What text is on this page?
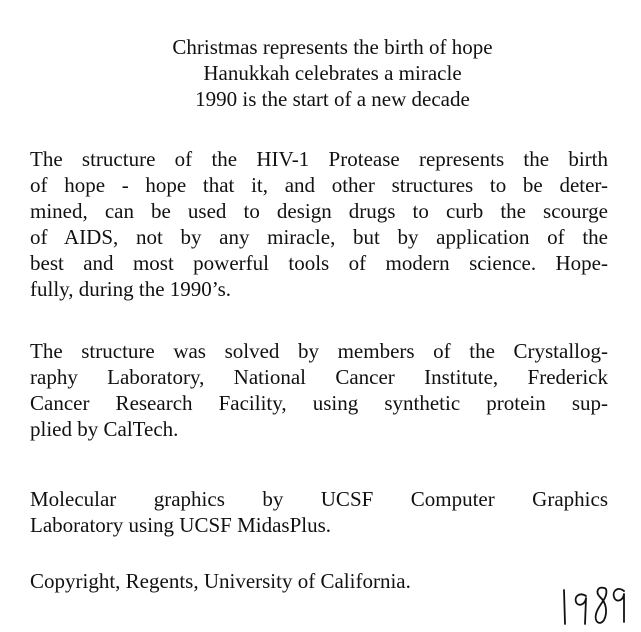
Christmas represents the birth of hope
Hanukkah celebrates a miracle
1990 is the start of a new decade
The structure of the HIV-1 Protease represents the birth
of hope - hope that it, and other structures to be deter-
mined, can be used to design drugs to curb the scourge
of AIDS, not by any miracle, but by application of the
best and most powerful tools of modern science. Hope-
fully, during the 1990’s.
The structure was solved by members of the Crystallog-
raphy Laboratory, National Cancer Institute, Frederick
Cancer Research Facility, using synthetic protein sup-
plied by CalTech.
Molecular graphics by UCSF Computer Graphics
Laboratory using UCSF MidasPlus.
Copyright, Regents, University of California.
